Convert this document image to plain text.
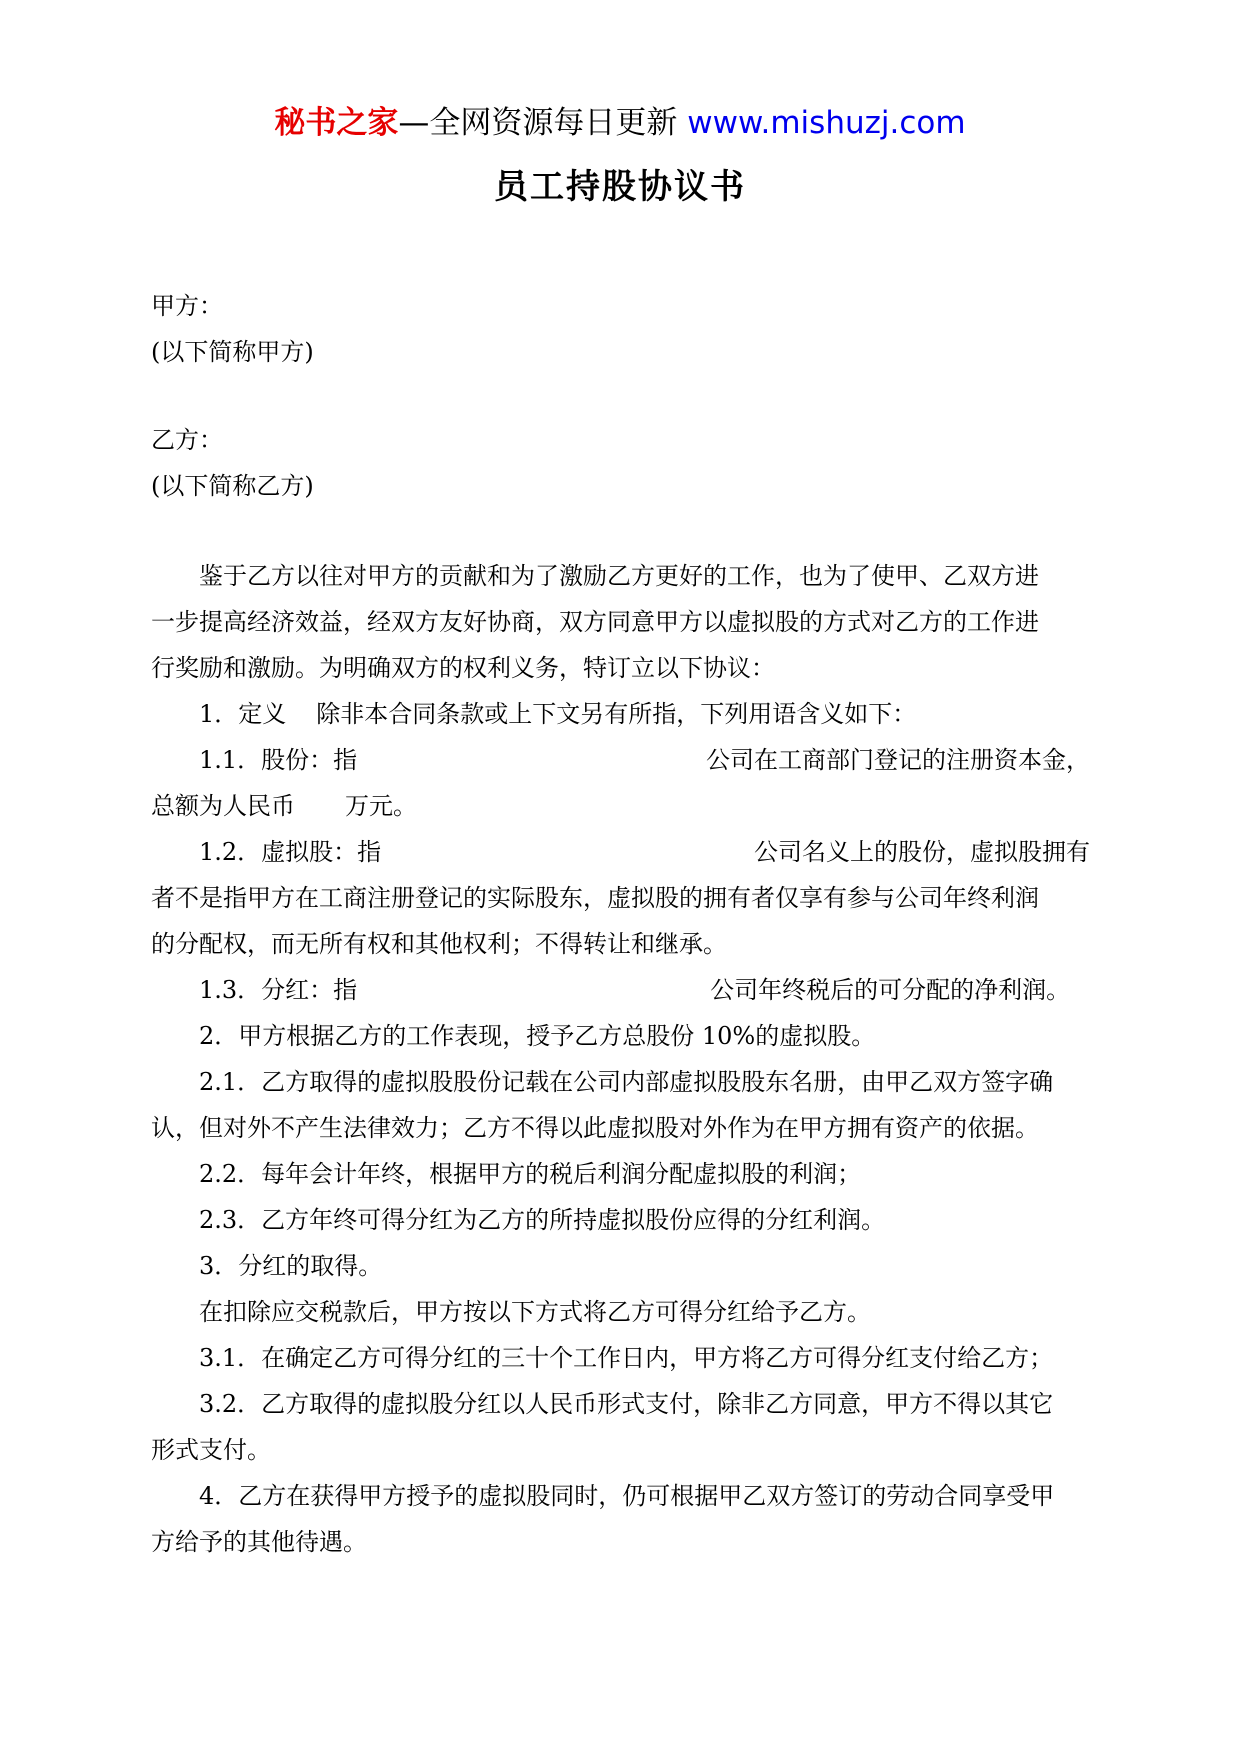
秘书之家—全网资源每日更新 www.mishuzj.com
员工持股协议书
甲方：
(以下简称甲方)
乙方：
(以下简称乙方)
鉴于乙方以往对甲方的贡献和为了激励乙方更好的工作，也为了使甲、乙双方进
一步提高经济效益，经双方友好协商，双方同意甲方以虚拟股的方式对乙方的工作进
行奖励和激励。为明确双方的权利义务，特订立以下协议：
1．定义 除非本合同条款或上下文另有所指，下列用语含义如下：
1.1．股份：指	公司在工商部门登记的注册资本金，
总额为人民币 万元。
1.2．虚拟股：指	公司名义上的股份，虚拟股拥有
者不是指甲方在工商注册登记的实际股东，虚拟股的拥有者仅享有参与公司年终利润
的分配权，而无所有权和其他权利；不得转让和继承。
1.3．分红：指	公司年终税后的可分配的净利润。
2．甲方根据乙方的工作表现，授予乙方总股份 10%的虚拟股。
2.1．乙方取得的虚拟股股份记载在公司内部虚拟股股东名册，由甲乙双方签字确
认，但对外不产生法律效力；乙方不得以此虚拟股对外作为在甲方拥有资产的依据。
2.2．每年会计年终，根据甲方的税后利润分配虚拟股的利润；
2.3．乙方年终可得分红为乙方的所持虚拟股份应得的分红利润。
3．分红的取得。
在扣除应交税款后，甲方按以下方式将乙方可得分红给予乙方。
3.1．在确定乙方可得分红的三十个工作日内，甲方将乙方可得分红支付给乙方；
3.2．乙方取得的虚拟股分红以人民币形式支付，除非乙方同意，甲方不得以其它
形式支付。
4．乙方在获得甲方授予的虚拟股同时，仍可根据甲乙双方签订的劳动合同享受甲
方给予的其他待遇。
